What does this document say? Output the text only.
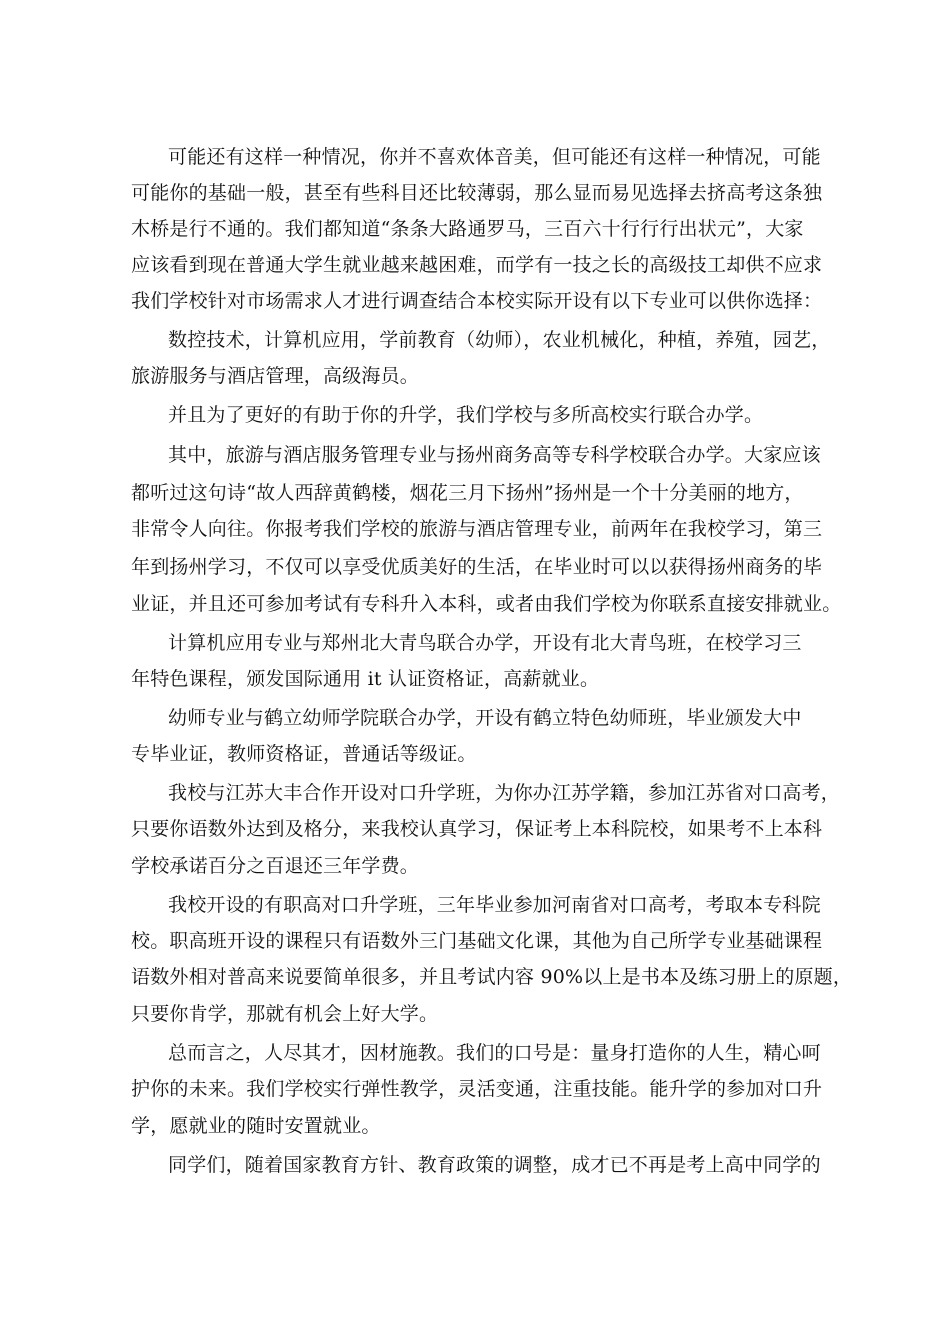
可能还有这样一种情况，你并不喜欢体音美，但可能还有这样一种情况，可能
可能你的基础一般，甚至有些科目还比较薄弱，那么显而易见选择去挤高考这条独
木桥是行不通的。我们都知道“条条大路通罗马，三百六十行行行出状元”，大家
应该看到现在普通大学生就业越来越困难，而学有一技之长的高级技工却供不应求
我们学校针对市场需求人才进行调查结合本校实际开设有以下专业可以供你选择：
数控技术，计算机应用，学前教育（幼师），农业机械化，种植，养殖，园艺，
旅游服务与酒店管理，高级海员。
并且为了更好的有助于你的升学，我们学校与多所高校实行联合办学。
其中，旅游与酒店服务管理专业与扬州商务高等专科学校联合办学。大家应该
都听过这句诗“故人西辞黄鹤楼，烟花三月下扬州”扬州是一个十分美丽的地方，
非常令人向往。你报考我们学校的旅游与酒店管理专业，前两年在我校学习，第三
年到扬州学习，不仅可以享受优质美好的生活，在毕业时可以以获得扬州商务的毕
业证，并且还可参加考试有专科升入本科，或者由我们学校为你联系直接安排就业。
计算机应用专业与郑州北大青鸟联合办学，开设有北大青鸟班，在校学习三
年特色课程，颁发国际通用 it 认证资格证，高薪就业。
幼师专业与鹤立幼师学院联合办学，开设有鹤立特色幼师班，毕业颁发大中
专毕业证，教师资格证，普通话等级证。
我校与江苏大丰合作开设对口升学班，为你办江苏学籍，参加江苏省对口高考，
只要你语数外达到及格分，来我校认真学习，保证考上本科院校，如果考不上本科
学校承诺百分之百退还三年学费。
我校开设的有职高对口升学班，三年毕业参加河南省对口高考，考取本专科院
校。职高班开设的课程只有语数外三门基础文化课，其他为自己所学专业基础课程
语数外相对普高来说要简单很多，并且考试内容 90%以上是书本及练习册上的原题，
只要你肯学，那就有机会上好大学。
总而言之，人尽其才，因材施教。我们的口号是：量身打造你的人生，精心呵
护你的未来。我们学校实行弹性教学，灵活变通，注重技能。能升学的参加对口升
学，愿就业的随时安置就业。
同学们，随着国家教育方针、教育政策的调整，成才已不再是考上高中同学的
